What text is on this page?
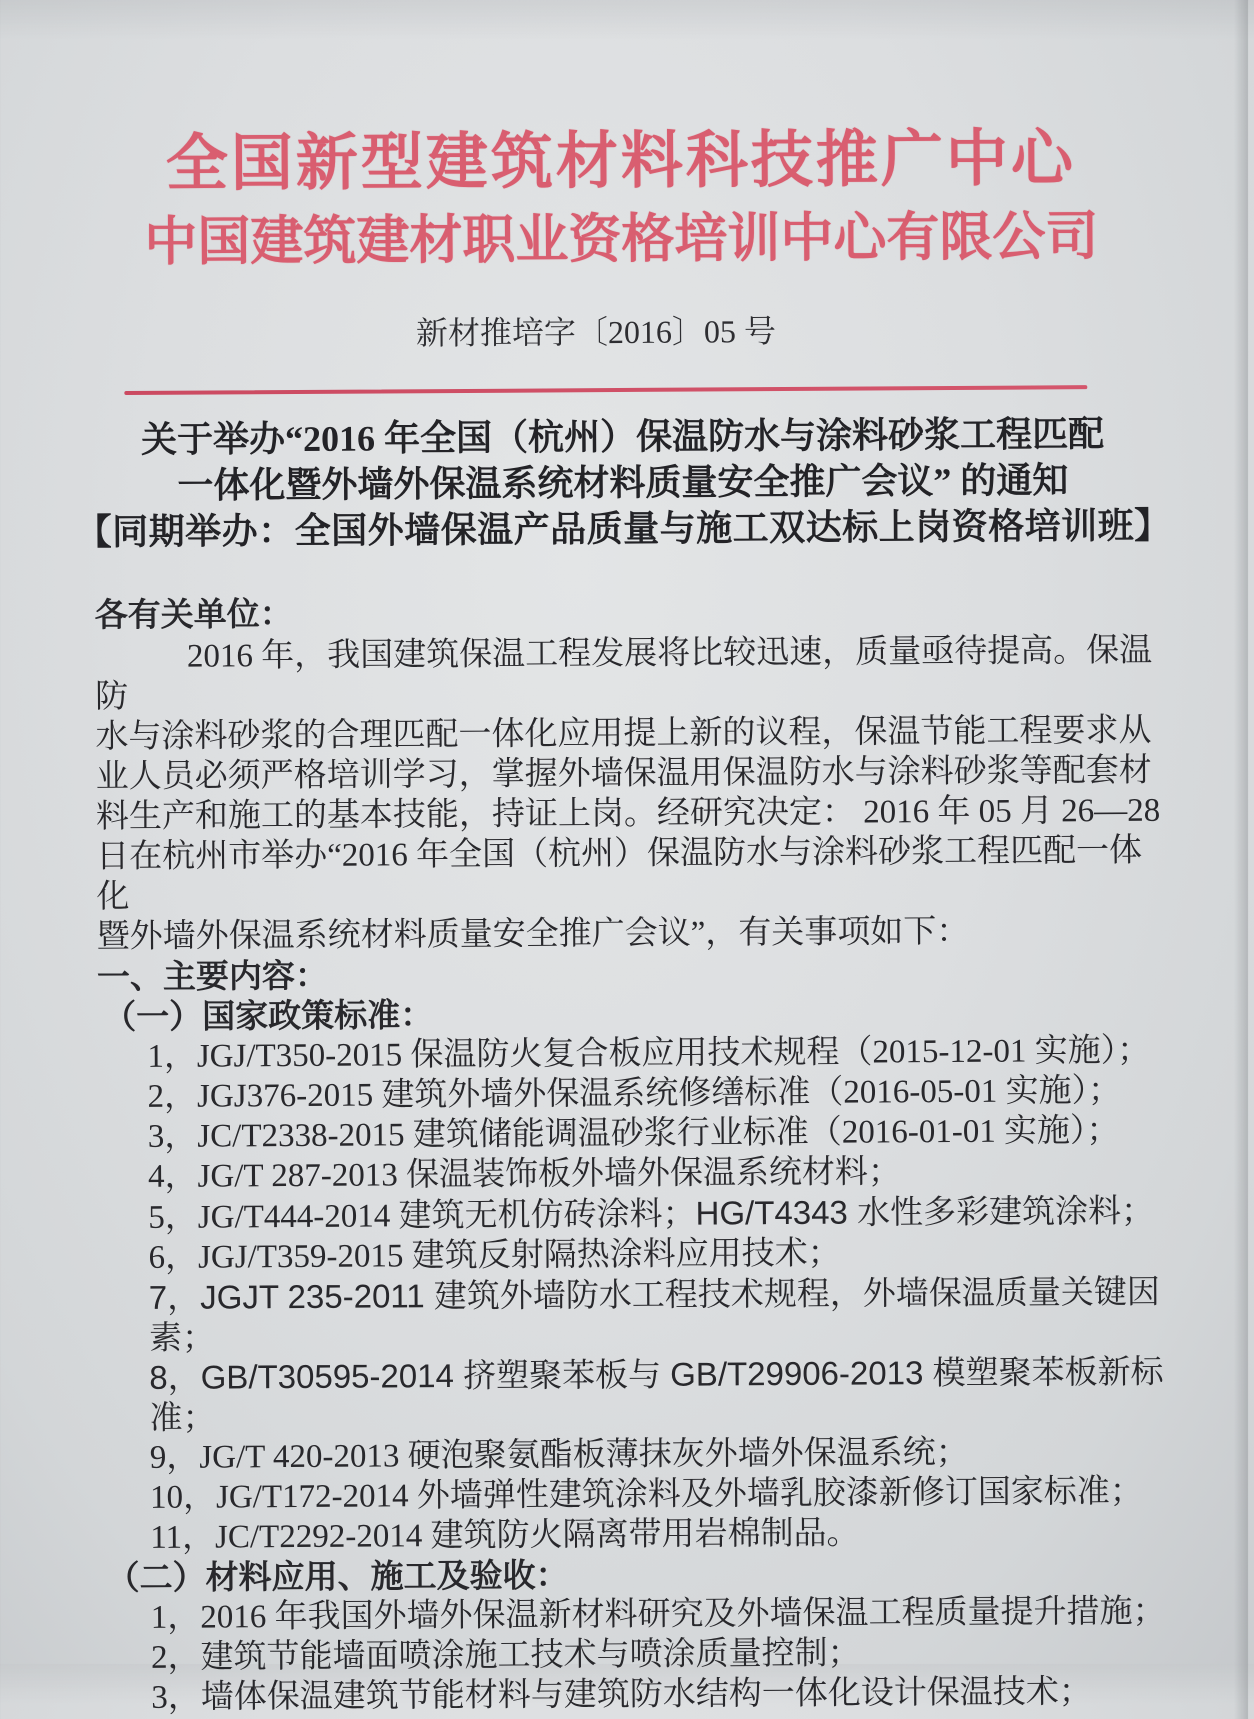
全国新型建筑材料科技推广中心
中国建筑建材职业资格培训中心有限公司
新材推培字〔2016〕05 号

关于举办“2016 年全国（杭州）保温防水与涂料砂浆工程匹配

一体化暨外墙外保温系统材料质量安全推广会议” 的通知

【同期举办：全国外墙保温产品质量与施工双达标上岗资格培训班】

各有关单位：

2016 年，我国建筑保温工程发展将比较迅速，质量亟待提高。保温防

水与涂料砂浆的合理匹配一体化应用提上新的议程，保温节能工程要求从

业人员必须严格培训学习，掌握外墙保温用保温防水与涂料砂浆等配套材

料生产和施工的基本技能，持证上岗。经研究决定： 2016 年 05 月 26—28

日在杭州市举办“2016 年全国（杭州）保温防水与涂料砂浆工程匹配一体化

暨外墙外保温系统材料质量安全推广会议”，有关事项如下：

一、主要内容：

（一）国家政策标准：

1，JGJ/T350-2015 保温防火复合板应用技术规程（2015-12-01 实施）；

2，JGJ376-2015 建筑外墙外保温系统修缮标准（2016-05-01 实施）；

3，JC/T2338-2015 建筑储能调温砂浆行业标准（2016-01-01 实施）；

4，JG/T 287-2013 保温装饰板外墙外保温系统材料；

5，JG/T444-2014 建筑无机仿砖涂料；HG/T4343 水性多彩建筑涂料；

6，JGJ/T359-2015 建筑反射隔热涂料应用技术；

7，JGJT 235-2011 建筑外墙防水工程技术规程，外墙保温质量关键因素；

8，GB/T30595-2014 挤塑聚苯板与 GB/T29906-2013 模塑聚苯板新标准；

9，JG/T 420-2013 硬泡聚氨酯板薄抹灰外墙外保温系统；

10，JG/T172-2014 外墙弹性建筑涂料及外墙乳胶漆新修订国家标准；

11，JC/T2292-2014 建筑防火隔离带用岩棉制品。

（二）材料应用、施工及验收：

1，2016 年我国外墙外保温新材料研究及外墙保温工程质量提升措施；

2，建筑节能墙面喷涂施工技术与喷涂质量控制；

3，墙体保温建筑节能材料与建筑防水结构一体化设计保温技术；
